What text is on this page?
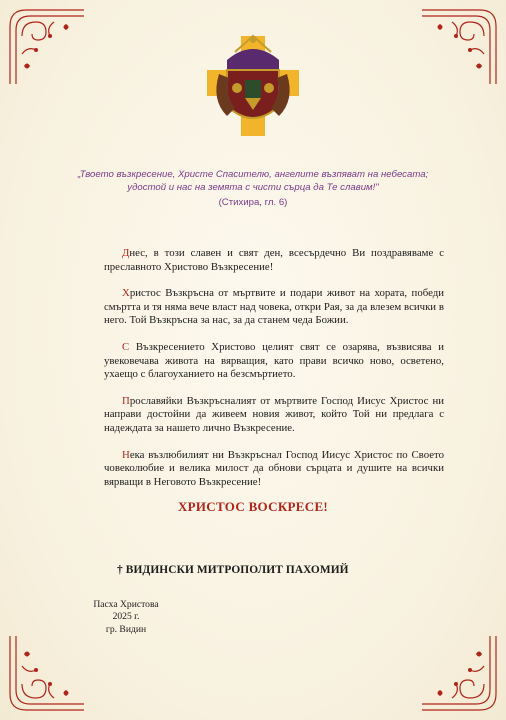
„Твоето възкресение, Христе Спасителю, ангелите възпяват на небесата;
удостой и нас на земята с чисти сърца да Те славим!"
(Стихира, гл. 6)

Днес, в този славен и свят ден, всесърдечно Ви поздравяваме с преславното Христово Възкресение!

Христос Възкръсна от мъртвите и подари живот на хората, победи смъртта и тя няма вече власт над човека, откри Рая, за да влезем всички в него. Той Възкръсна за нас, за да станем чеда Божии.

С Възкресението Христово целият свят се озарява, възвисява и увековечава живота на вярващия, като прави всичко ново, осветено, ухаещо с благоуханието на безсмъртието.

Прославяйки Възкръсналият от мъртвите Господ Иисус Христос ни направи достойни да живеем новия живот, който Той ни предлага с надеждата за нашето лично Възкресение.

Нека възлюбилият ни Възкръснал Господ Иисус Христос по Своето човеколюбие и велика милост да обнови сърцата и душите на всички вярващи в Неговото Възкресение!

ХРИСТОС ВОСКРЕСЕ!
† ВИДИНСКИ МИТРОПОЛИТ ПАХОМИЙ
Пасха Христова
2025 г.
гр. Видин
